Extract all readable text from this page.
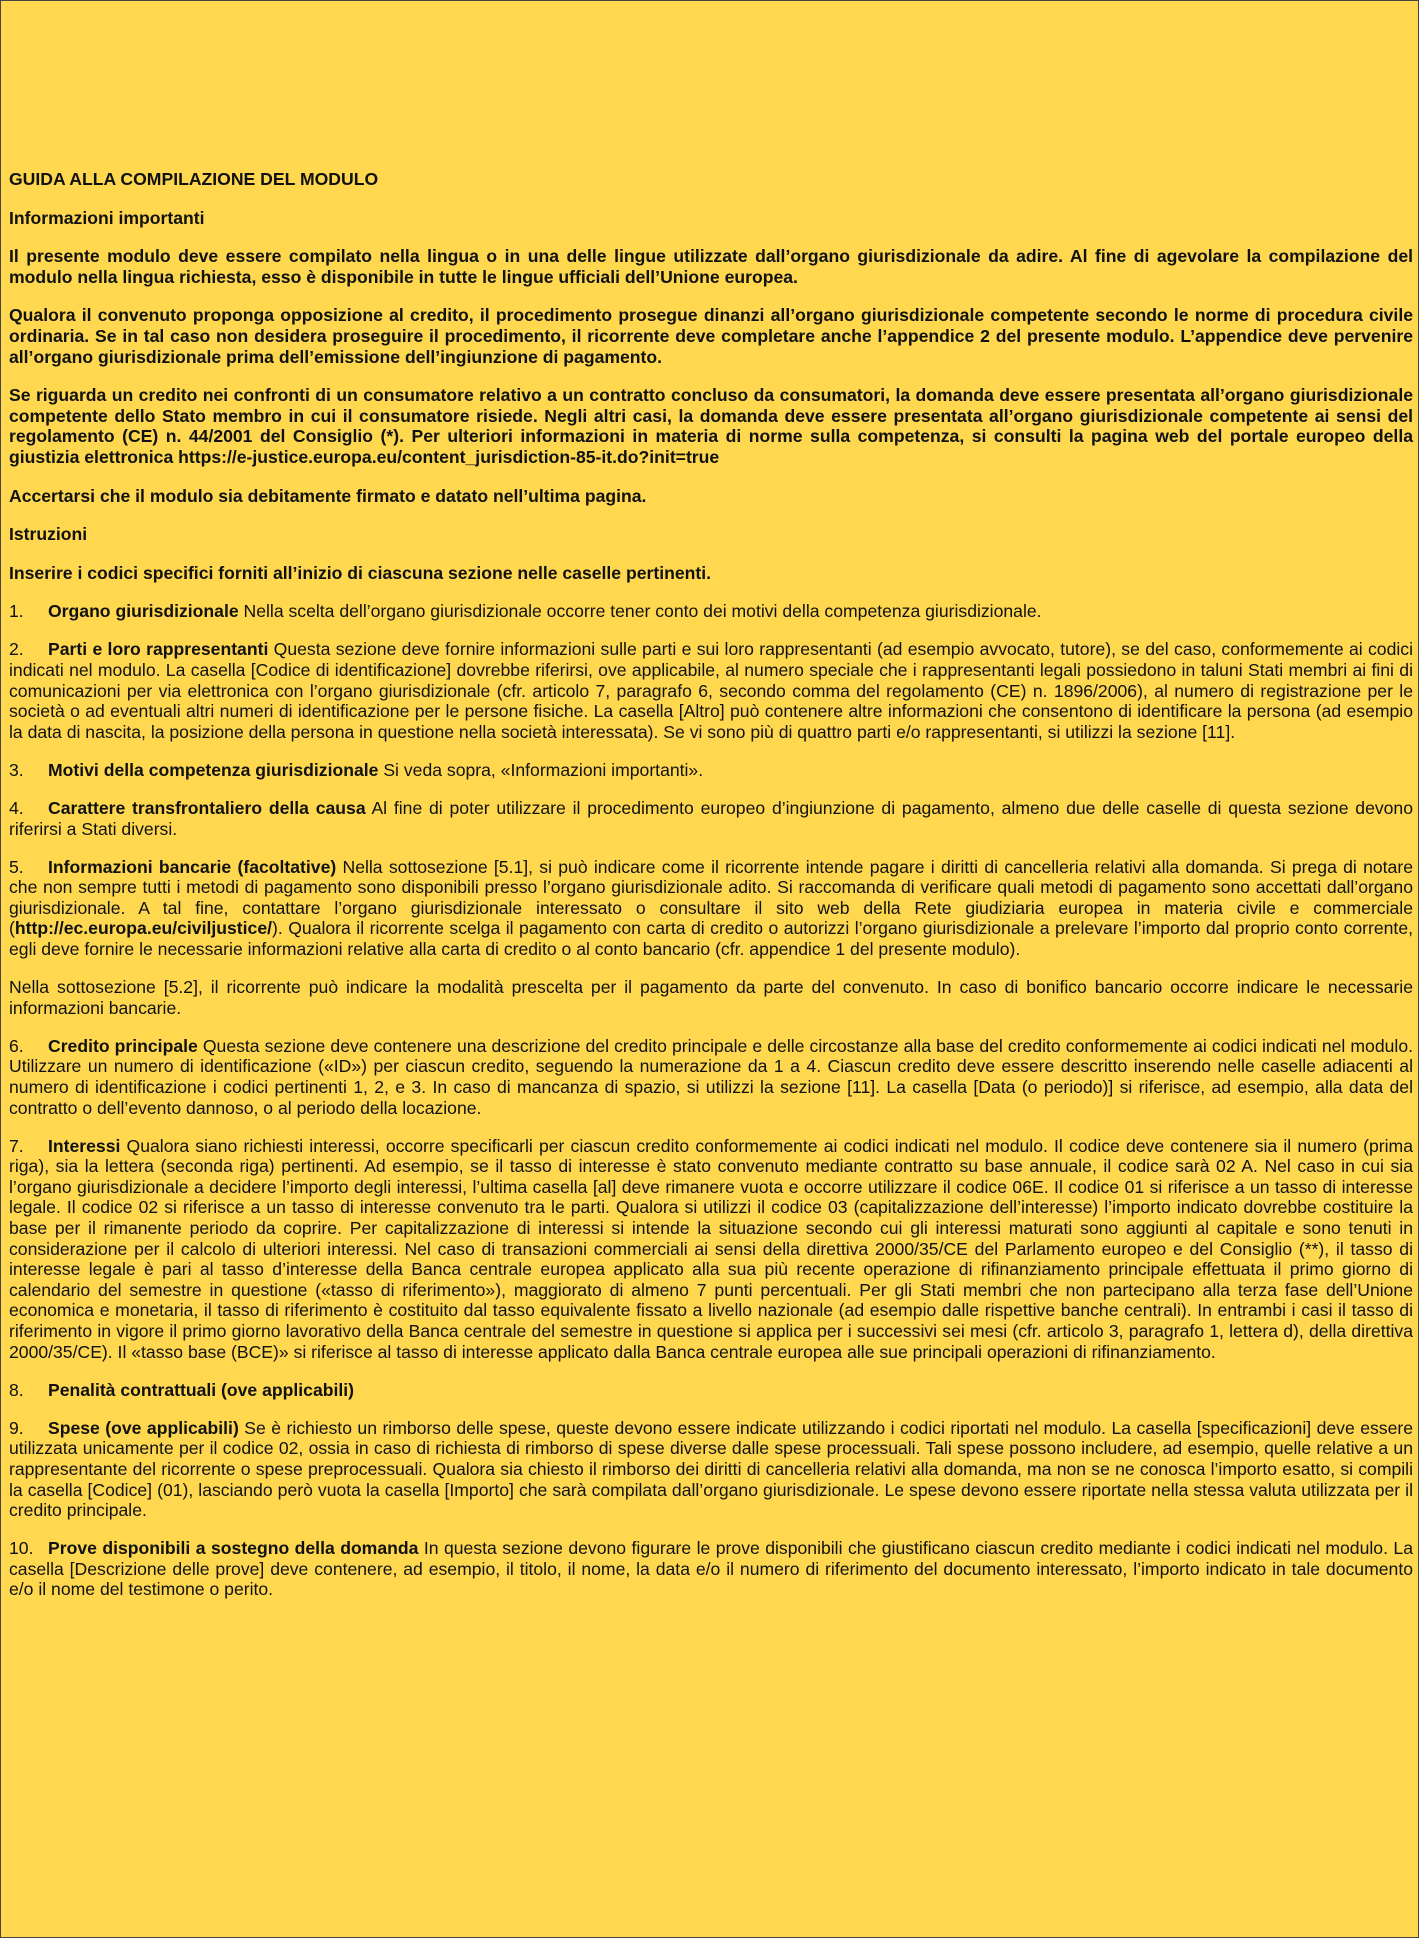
GUIDA ALLA COMPILAZIONE DEL MODULO

Informazioni importanti

Il presente modulo deve essere compilato nella lingua o in una delle lingue utilizzate dall’organo giurisdizionale da adire. Al fine di agevolare la compilazione del modulo nella lingua richiesta, esso è disponibile in tutte le lingue ufficiali dell’Unione europea.

Qualora il convenuto proponga opposizione al credito, il procedimento prosegue dinanzi all’organo giurisdizionale competente secondo le norme di procedura civile ordinaria. Se in tal caso non desidera proseguire il procedimento, il ricorrente deve completare anche l’appendice 2 del presente modulo. L’appendice deve pervenire all’organo giurisdizionale prima dell’emissione dell’ingiunzione di pagamento.

Se riguarda un credito nei confronti di un consumatore relativo a un contratto concluso da consumatori, la domanda deve essere presentata all’organo giurisdizionale competente dello Stato membro in cui il consumatore risiede. Negli altri casi, la domanda deve essere presentata all’organo giurisdizionale competente ai sensi del regolamento (CE) n. 44/2001 del Consiglio (*). Per ulteriori informazioni in materia di norme sulla competenza, si consulti la pagina web del portale europeo della giustizia elettronica https://e-justice.europa.eu/content_jurisdiction-85-it.do?init=true

Accertarsi che il modulo sia debitamente firmato e datato nell’ultima pagina.

Istruzioni

Inserire i codici specifici forniti all’inizio di ciascuna sezione nelle caselle pertinenti.

1. Organo giurisdizionale Nella scelta dell’organo giurisdizionale occorre tener conto dei motivi della competenza giurisdizionale.
2. Parti e loro rappresentanti Questa sezione deve fornire informazioni sulle parti e sui loro rappresentanti (ad esempio avvocato, tutore), se del caso, conformemente ai codici indicati nel modulo. La casella [Codice di identificazione] dovrebbe riferirsi, ove applicabile, al numero speciale che i rappresentanti legali possiedono in taluni Stati membri ai fini di comunicazioni per via elettronica con l’organo giurisdizionale (cfr. articolo 7, paragrafo 6, secondo comma del regolamento (CE) n. 1896/2006), al numero di registrazione per le società o ad eventuali altri numeri di identificazione per le persone fisiche. La casella [Altro] può contenere altre informazioni che consentono di identificare la persona (ad esempio la data di nascita, la posizione della persona in questione nella società interessata). Se vi sono più di quattro parti e/o rappresentanti, si utilizzi la sezione [11].
3. Motivi della competenza giurisdizionale Si veda sopra, «Informazioni importanti».
4. Carattere transfrontaliero della causa Al fine di poter utilizzare il procedimento europeo d’ingiunzione di pagamento, almeno due delle caselle di questa sezione devono riferirsi a Stati diversi.
5. Informazioni bancarie (facoltative) Nella sottosezione [5.1], si può indicare come il ricorrente intende pagare i diritti di cancelleria relativi alla domanda. Si prega di notare che non sempre tutti i metodi di pagamento sono disponibili presso l’organo giurisdizionale adito. Si raccomanda di verificare quali metodi di pagamento sono accettati dall’organo giurisdizionale. A tal fine, contattare l’organo giurisdizionale interessato o consultare il sito web della Rete giudiziaria europea in materia civile e commerciale (http://ec.europa.eu/civiljustice/). Qualora il ricorrente scelga il pagamento con carta di credito o autorizzi l’organo giurisdizionale a prelevare l’importo dal proprio conto corrente, egli deve fornire le necessarie informazioni relative alla carta di credito o al conto bancario (cfr. appendice 1 del presente modulo).
Nella sottosezione [5.2], il ricorrente può indicare la modalità prescelta per il pagamento da parte del convenuto. In caso di bonifico bancario occorre indicare le necessarie informazioni bancarie.
6. Credito principale Questa sezione deve contenere una descrizione del credito principale e delle circostanze alla base del credito conformemente ai codici indicati nel modulo. Utilizzare un numero di identificazione («ID») per ciascun credito, seguendo la numerazione da 1 a 4. Ciascun credito deve essere descritto inserendo nelle caselle adiacenti al numero di identificazione i codici pertinenti 1, 2, e 3. In caso di mancanza di spazio, si utilizzi la sezione [11]. La casella [Data (o periodo)] si riferisce, ad esempio, alla data del contratto o dell’evento dannoso, o al periodo della locazione.
7. Interessi Qualora siano richiesti interessi, occorre specificarli per ciascun credito conformemente ai codici indicati nel modulo. Il codice deve contenere sia il numero (prima riga), sia la lettera (seconda riga) pertinenti. Ad esempio, se il tasso di interesse è stato convenuto mediante contratto su base annuale, il codice sarà 02 A. Nel caso in cui sia l’organo giurisdizionale a decidere l’importo degli interessi, l’ultima casella [al] deve rimanere vuota e occorre utilizzare il codice 06E. Il codice 01 si riferisce a un tasso di interesse legale. Il codice 02 si riferisce a un tasso di interesse convenuto tra le parti. Qualora si utilizzi il codice 03 (capitalizzazione dell’interesse) l’importo indicato dovrebbe costituire la base per il rimanente periodo da coprire. Per capitalizzazione di interessi si intende la situazione secondo cui gli interessi maturati sono aggiunti al capitale e sono tenuti in considerazione per il calcolo di ulteriori interessi. Nel caso di transazioni commerciali ai sensi della direttiva 2000/35/CE del Parlamento europeo e del Consiglio (**), il tasso di interesse legale è pari al tasso d’interesse della Banca centrale europea applicato alla sua più recente operazione di rifinanziamento principale effettuata il primo giorno di calendario del semestre in questione («tasso di riferimento»), maggiorato di almeno 7 punti percentuali. Per gli Stati membri che non partecipano alla terza fase dell’Unione economica e monetaria, il tasso di riferimento è costituito dal tasso equivalente fissato a livello nazionale (ad esempio dalle rispettive banche centrali). In entrambi i casi il tasso di riferimento in vigore il primo giorno lavorativo della Banca centrale del semestre in questione si applica per i successivi sei mesi (cfr. articolo 3, paragrafo 1, lettera d), della direttiva 2000/35/CE). Il «tasso base (BCE)» si riferisce al tasso di interesse applicato dalla Banca centrale europea alle sue principali operazioni di rifinanziamento.
8. Penalità contrattuali (ove applicabili)
9. Spese (ove applicabili) Se è richiesto un rimborso delle spese, queste devono essere indicate utilizzando i codici riportati nel modulo. La casella [specificazioni] deve essere utilizzata unicamente per il codice 02, ossia in caso di richiesta di rimborso di spese diverse dalle spese processuali. Tali spese possono includere, ad esempio, quelle relative a un rappresentante del ricorrente o spese preprocessuali. Qualora sia chiesto il rimborso dei diritti di cancelleria relativi alla domanda, ma non se ne conosca l’importo esatto, si compili la casella [Codice] (01), lasciando però vuota la casella [Importo] che sarà compilata dall’organo giurisdizionale. Le spese devono essere riportate nella stessa valuta utilizzata per il credito principale.
10. Prove disponibili a sostegno della domanda In questa sezione devono figurare le prove disponibili che giustificano ciascun credito mediante i codici indicati nel modulo. La casella [Descrizione delle prove] deve contenere, ad esempio, il titolo, il nome, la data e/o il numero di riferimento del documento interessato, l’importo indicato in tale documento e/o il nome del testimone o perito.
